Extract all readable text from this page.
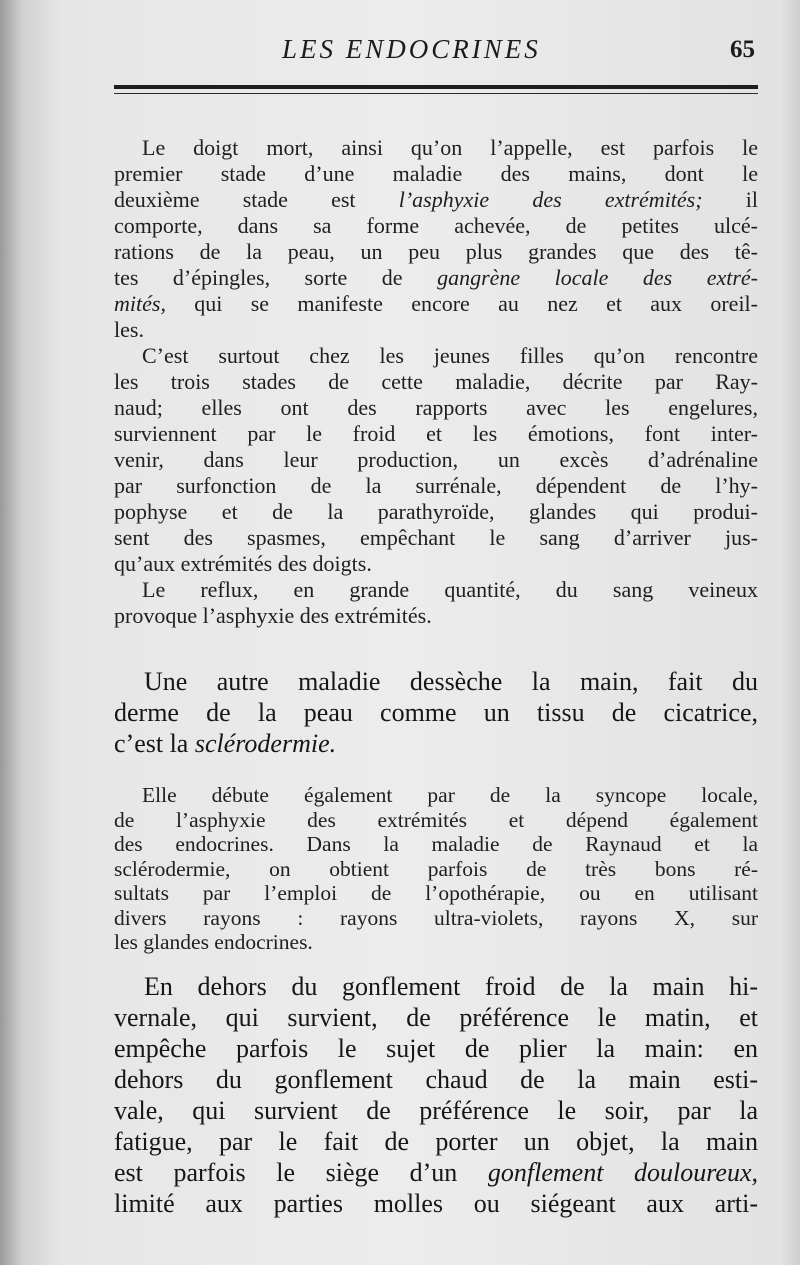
LES ENDOCRINES	65
Le doigt mort, ainsi qu’on l’appelle, est parfois le
premier stade d’une maladie des mains, dont le
deuxième stade est l’asphyxie des extrémités; il
comporte, dans sa forme achevée, de petites ulcé-
rations de la peau, un peu plus grandes que des tê-
tes d’épingles, sorte de gangrène locale des extré-
mités, qui se manifeste encore au nez et aux oreil-
les.
C’est surtout chez les jeunes filles qu’on rencontre
les trois stades de cette maladie, décrite par Ray-
naud; elles ont des rapports avec les engelures,
surviennent par le froid et les émotions, font inter-
venir, dans leur production, un excès d’adrénaline
par surfonction de la surrénale, dépendent de l’hy-
pophyse et de la parathyroïde, glandes qui produi-
sent des spasmes, empêchant le sang d’arriver jus-
qu’aux extrémités des doigts.
Le reflux, en grande quantité, du sang veineux
provoque l’asphyxie des extrémités.
Une autre maladie dessèche la main, fait du
derme de la peau comme un tissu de cicatrice,
c’est la sclérodermie.
Elle débute également par de la syncope locale,
de l’asphyxie des extrémités et dépend également
des endocrines. Dans la maladie de Raynaud et la
sclérodermie, on obtient parfois de très bons ré-
sultats par l’emploi de l’opothérapie, ou en utilisant
divers rayons : rayons ultra-violets, rayons X, sur
les glandes endocrines.
En dehors du gonflement froid de la main hi-
vernale, qui survient, de préférence le matin, et
empêche parfois le sujet de plier la main: en
dehors du gonflement chaud de la main esti-
vale, qui survient de préférence le soir, par la
fatigue, par le fait de porter un objet, la main
est parfois le siège d’un gonflement douloureux,
limité aux parties molles ou siégeant aux arti-
